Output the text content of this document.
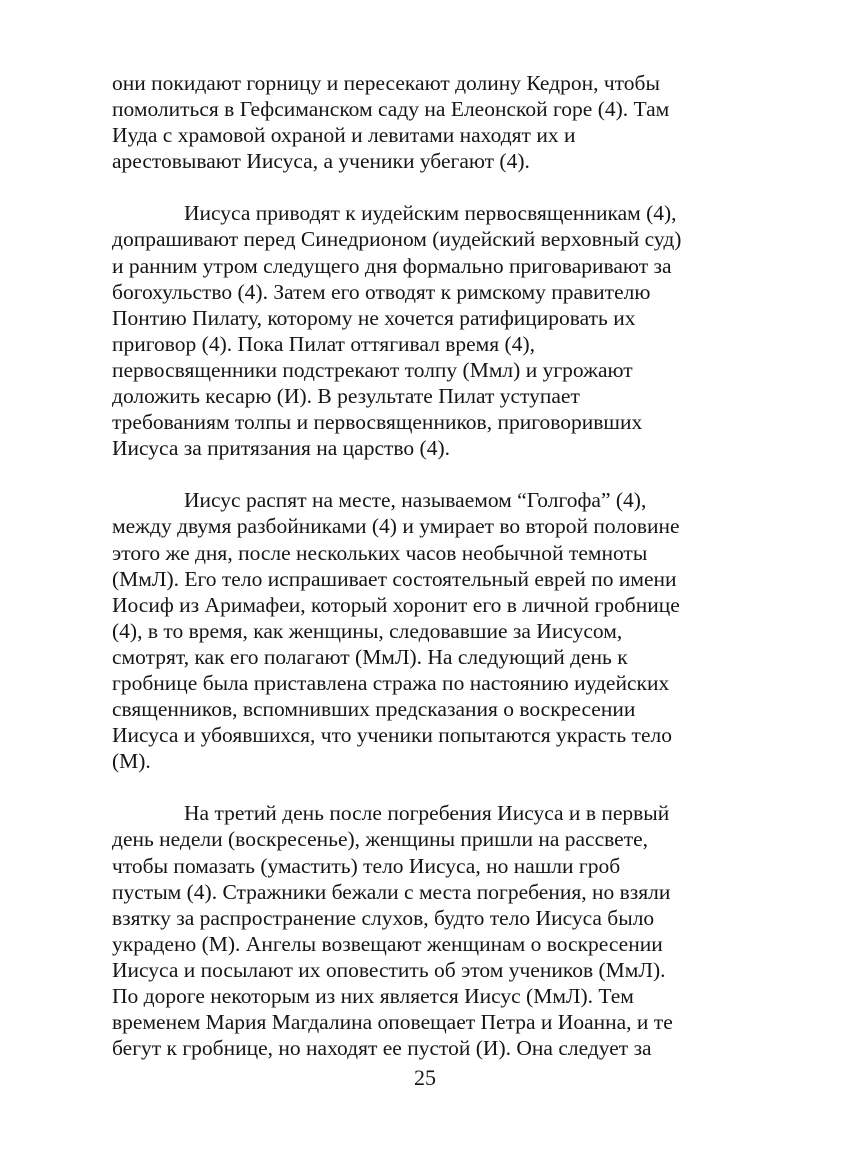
они покидают горницу и пересекают долину Кедрон, чтобы
помолиться в Гефсиманском саду на Елеонской горе (4). Там
Иуда с храмовой охраной и левитами находят их и
арестовывают Иисуса, а ученики убегают (4).

Иисуса приводят к иудейским первосвященникам (4),
допрашивают перед Синедрионом (иудейский верховный суд)
и ранним утром следущего дня формально приговаривают за
богохульство (4). Затем его отводят к римскому правителю
Понтию Пилату, которому не хочется ратифицировать их
приговор (4). Пока Пилат оттягивал время (4),
первосвященники подстрекают толпу (Ммл) и угрожают
доложить кесарю (И). В результате Пилат уступает
требованиям толпы и первосвященников, приговоривших
Иисуса за притязания на царство (4).

Иисус распят на месте, называемом “Голгофа” (4),
между двумя разбойниками (4) и умирает во второй половине
этого же дня, после нескольких часов необычной темноты
(МмЛ). Его тело испрашивает состоятельный еврей по имени
Иосиф из Аримафеи, который хоронит его в личной гробнице
(4), в то время, как женщины, следовавшие за Иисусом,
смотрят, как его полагают (МмЛ). На следующий день к
гробнице была приставлена стража по настоянию иудейских
священников, вспомнивших предсказания о воскресении
Иисуса и убоявшихся, что ученики попытаются украсть тело
(М).

На третий день после погребения Иисуса и в первый
день недели (воскресенье), женщины пришли на рассвете,
чтобы помазать (умастить) тело Иисуса, но нашли гроб
пустым (4). Стражники бежали с места погребения, но взяли
взятку за распространение слухов, будто тело Иисуса было
украдено (М). Ангелы возвещают женщинам о воскресении
Иисуса и посылают их оповестить об этом учеников (МмЛ).
По дороге некоторым из них является Иисус (МмЛ). Тем
временем Мария Магдалина оповещает Петра и Иоанна, и те
бегут к гробнице, но находят ее пустой (И). Она следует за

25
